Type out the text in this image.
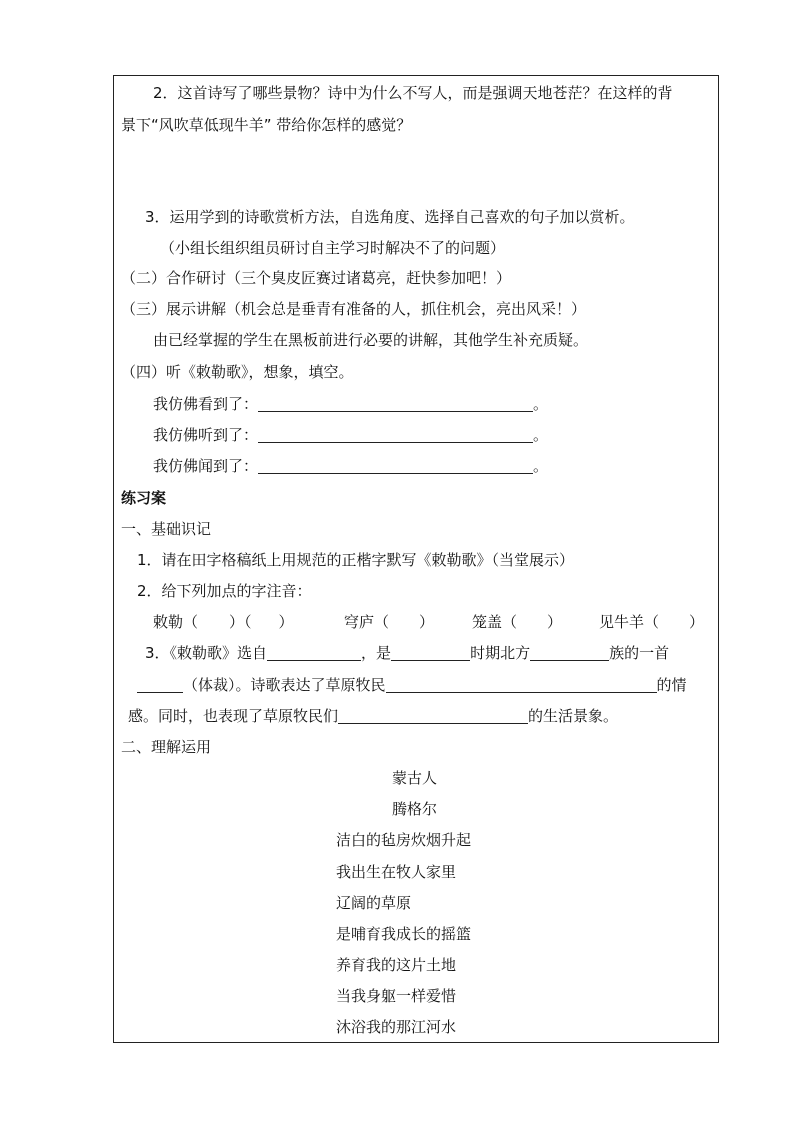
2．这首诗写了哪些景物？诗中为什么不写人，而是强调天地苍茫？在这样的背
景下“风吹草低现牛羊” 带给你怎样的感觉？
3．运用学到的诗歌赏析方法，自选角度、选择自己喜欢的句子加以赏析。
（小组长组织组员研讨自主学习时解决不了的问题）
（二）合作研讨（三个臭皮匠赛过诸葛亮，赶快参加吧！）
（三）展示讲解（机会总是垂青有准备的人，抓住机会，亮出风采！）
由已经掌握的学生在黑板前进行必要的讲解，其他学生补充质疑。
（四）听《敕勒歌》，想象，填空。
我仿佛看到了：	。
我仿佛听到了：	。
我仿佛闻到了：	。
练习案
一、基础识记
1．请在田字格稿纸上用规范的正楷字默写《敕勒歌》（当堂展示）
2．给下列加点的字注音：
敕勒（ ）（ ）	穹庐（ ）	笼盖（ ） 见牛羊（ ）
3．《敕勒歌》选自	，是	时期北方	族的一首
（体裁）。诗歌表达了草原牧民	的情
感。同时，也表现了草原牧民们	的生活景象。
二、理解运用
蒙古人
腾格尔
洁白的毡房炊烟升起
我出生在牧人家里
辽阔的草原
是哺育我成长的摇篮
养育我的这片土地
当我身躯一样爱惜
沐浴我的那江河水
